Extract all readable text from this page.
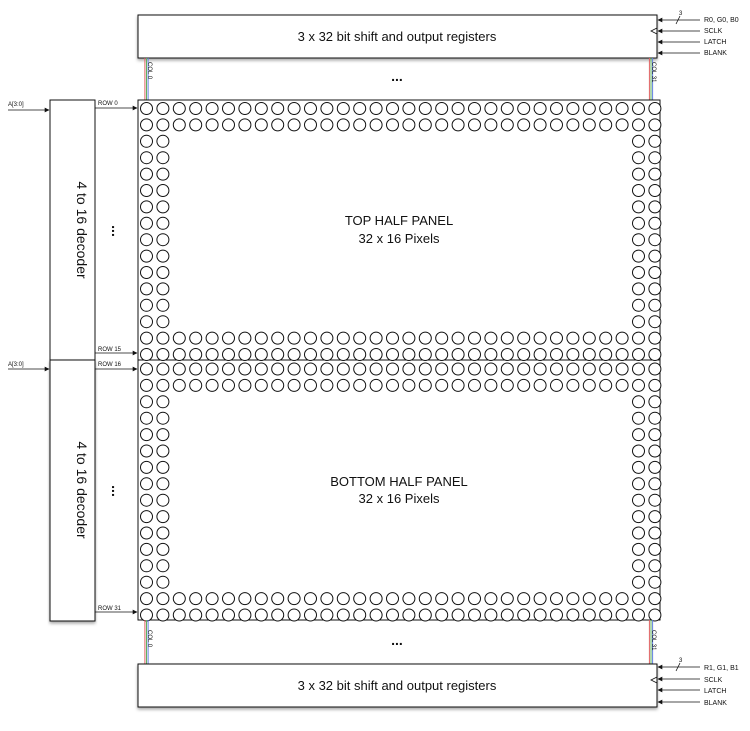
3 x 32 bit shift and output registers
3
R0, G0, B0
SCLK
LATCH
BLANK
COL 0	COL 31
...
TOP HALF PANEL
32 x 16 Pixels
BOTTOM HALF PANEL
32 x 16 Pixels
4 to 16 decoder
A[3:0]	ROW 0
ROW 15
...
4 to 16 decoder
A[3:0]	ROW 16
ROW 31
...
COL 0	COL 31
...
3 x 32 bit shift and output registers
3
R1, G1, B1
SCLK
LATCH
BLANK
